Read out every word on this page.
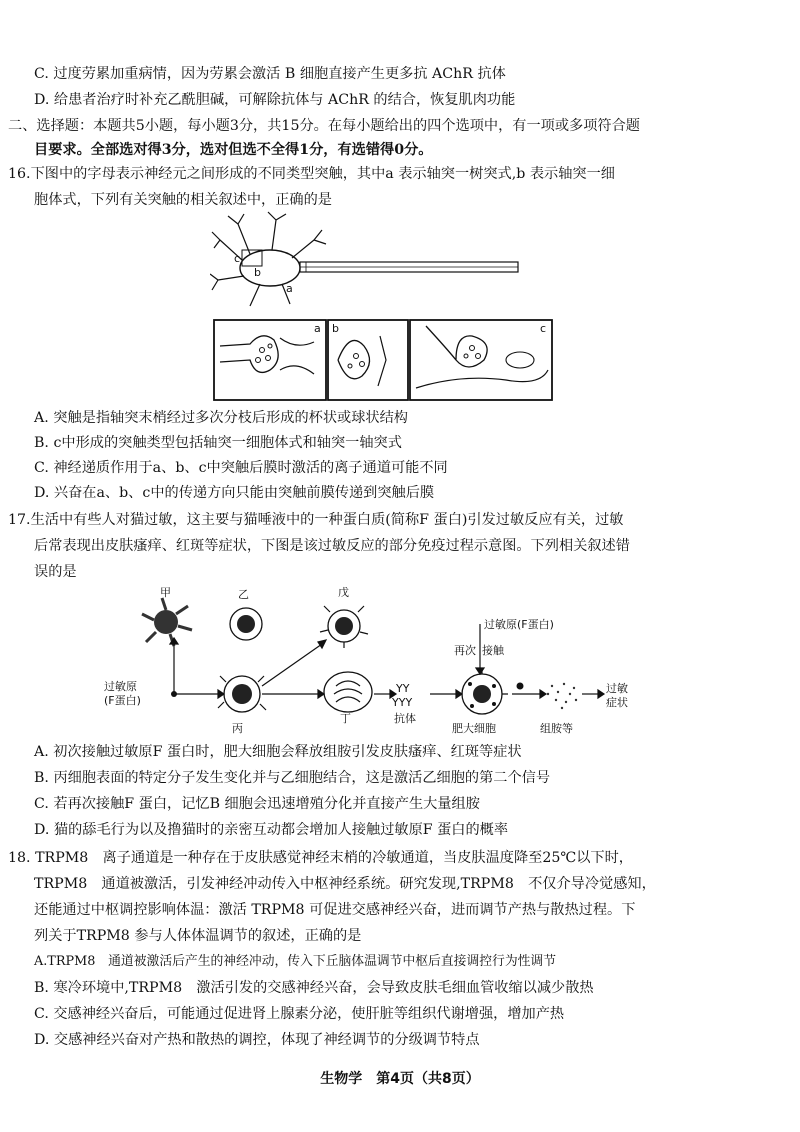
C. 过度劳累加重病情，因为劳累会激活 B 细胞直接产生更多抗 AChR 抗体
D. 给患者治疗时补充乙酰胆碱，可解除抗体与 AChR 的结合，恢复肌肉功能
二、选择题：本题共5小题，每小题3分，共15分。在每小题给出的四个选项中，有一项或多项符合题
目要求。全部选对得3分，选对但选不全得1分，有选错得0分。
16.下图中的字母表示神经元之间形成的不同类型突触，其中a 表示轴突一树突式,b 表示轴突一细
胞体式，下列有关突触的相关叙述中，正确的是
c
b
a
a b	c
A. 突触是指轴突末梢经过多次分枝后形成的杯状或球状结构
B. c中形成的突触类型包括轴突一细胞体式和轴突一轴突式
C. 神经递质作用于a、b、c中突触后膜时激活的离子通道可能不同
D. 兴奋在a、b、c中的传递方向只能由突触前膜传递到突触后膜
17.生活中有些人对猫过敏，这主要与猫唾液中的一种蛋白质(简称F 蛋白)引发过敏反应有关，过敏
后常表现出皮肤瘙痒、红斑等症状，下图是该过敏反应的部分免疫过程示意图。下列相关叙述错
误的是
甲	乙	戊
过敏原
(F蛋白)
丙
丁
过敏原(F蛋白)
再次 接触
YY
YYY
抗体
肥大细胞	组胺等
过敏
症状
A. 初次接触过敏原F 蛋白时，肥大细胞会释放组胺引发皮肤瘙痒、红斑等症状
B. 丙细胞表面的特定分子发生变化并与乙细胞结合，这是激活乙细胞的第二个信号
C. 若再次接触F 蛋白，记忆B 细胞会迅速增殖分化并直接产生大量组胺
D. 猫的舔毛行为以及撸猫时的亲密互动都会增加人接触过敏原F 蛋白的概率
18. TRPM8　离子通道是一种存在于皮肤感觉神经末梢的冷敏通道，当皮肤温度降至25℃以下时，
TRPM8　通道被激活，引发神经冲动传入中枢神经系统。研究发现,TRPM8　不仅介导冷觉感知，
还能通过中枢调控影响体温：激活 TRPM8 可促进交感神经兴奋，进而调节产热与散热过程。下
列关于TRPM8 参与人体体温调节的叙述，正确的是
A.TRPM8　通道被激活后产生的神经冲动，传入下丘脑体温调节中枢后直接调控行为性调节
B. 寒冷环境中,TRPM8　激活引发的交感神经兴奋，会导致皮肤毛细血管收缩以减少散热
C. 交感神经兴奋后，可能通过促进肾上腺素分泌，使肝脏等组织代谢增强，增加产热
D. 交感神经兴奋对产热和散热的调控，体现了神经调节的分级调节特点
生物学　第4页（共8页）
